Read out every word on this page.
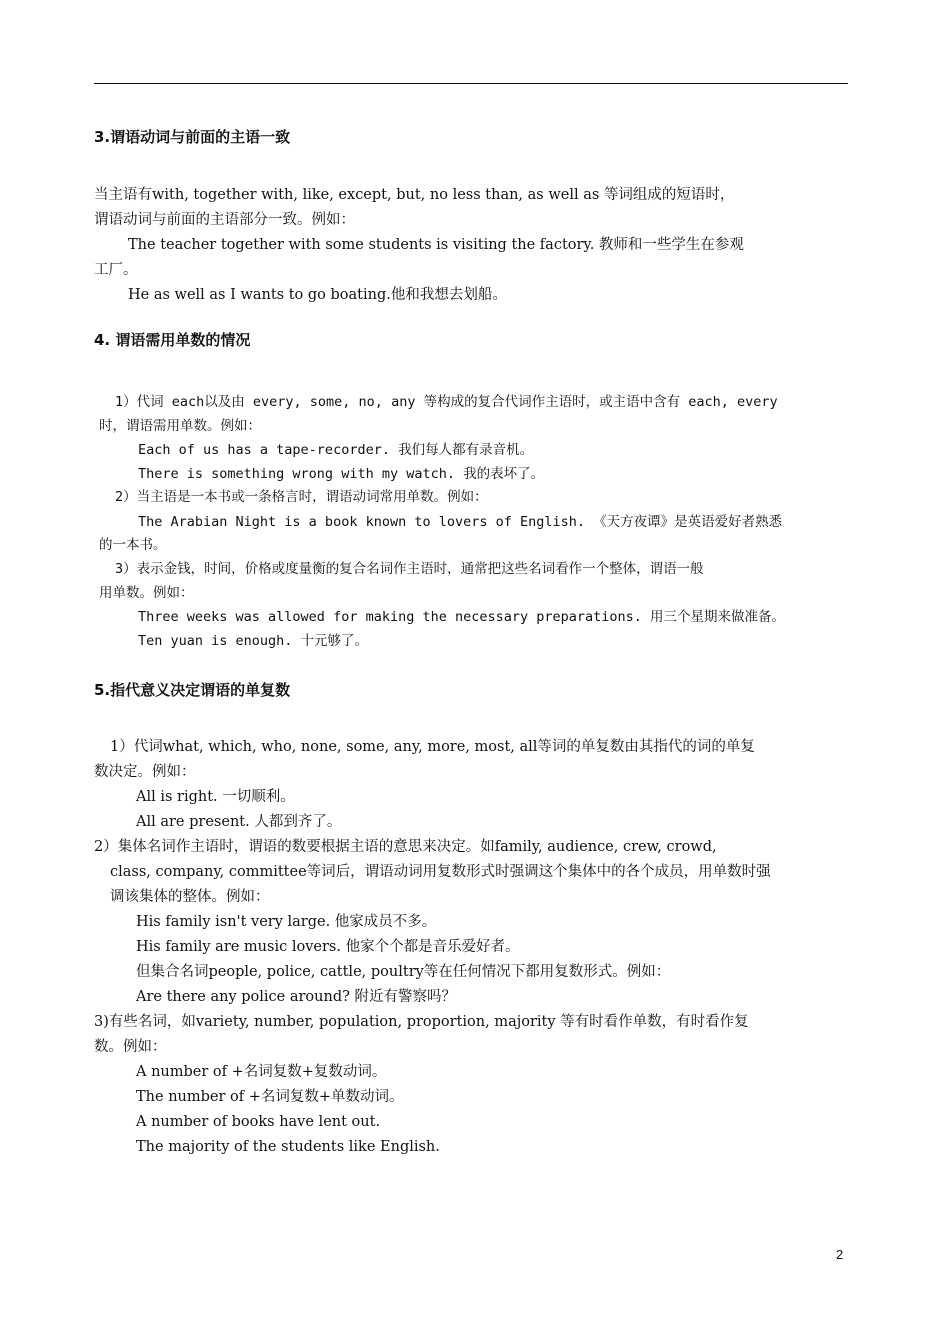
3.谓语动词与前面的主语一致
当主语有with, together with, like, except, but, no less than, as well as 等词组成的短语时，
谓语动词与前面的主语部分一致。例如：
The teacher together with some students is visiting the factory. 教师和一些学生在参观
工厂。
He as well as I wants to go boating.他和我想去划船。
4. 谓语需用单数的情况
1）代词 each以及由 every, some, no, any 等构成的复合代词作主语时，或主语中含有 each, every
时，谓语需用单数。例如：
Each of us has a tape-recorder. 我们每人都有录音机。
There is something wrong with my watch. 我的表坏了。
2）当主语是一本书或一条格言时，谓语动词常用单数。例如：
The Arabian Night is a book known to lovers of English. 《天方夜谭》是英语爱好者熟悉
的一本书。
3）表示金钱，时间，价格或度量衡的复合名词作主语时，通常把这些名词看作一个整体，谓语一般
用单数。例如：
Three weeks was allowed for making the necessary preparations. 用三个星期来做准备。
Ten yuan is enough. 十元够了。
5.指代意义决定谓语的单复数
1）代词what, which, who, none, some, any, more, most, all等词的单复数由其指代的词的单复
数决定。例如：
All is right. 一切顺利。
All are present. 人都到齐了。
2）集体名词作主语时，谓语的数要根据主语的意思来决定。如family, audience, crew, crowd,
class, company, committee等词后，谓语动词用复数形式时强调这个集体中的各个成员，用单数时强
调该集体的整体。例如：
His family isn't very large. 他家成员不多。
His family are music lovers. 他家个个都是音乐爱好者。
但集合名词people, police, cattle, poultry等在任何情况下都用复数形式。例如：
Are there any police around? 附近有警察吗？
3)有些名词，如variety, number, population, proportion, majority 等有时看作单数，有时看作复
数。例如：
A number of +名词复数+复数动词。
The number of +名词复数+单数动词。
A number of books have lent out.
The majority of the students like English.
2
